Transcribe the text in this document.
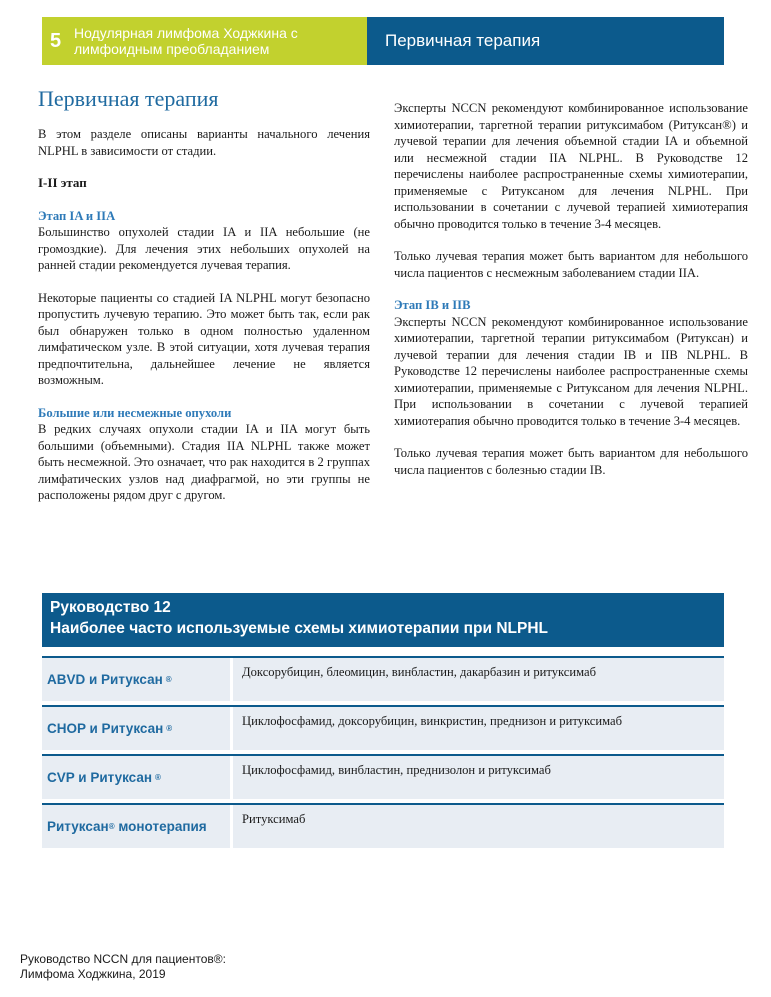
5 Нодулярная лимфома Ходжкина с
лимфоидным преобладанием	Первичная терапия
Первичная терапия

В этом разделе описаны варианты начального лечения NLPHL в зависимости от стадии.

I-II этап

Этап IA и IIA

Большинство опухолей стадии IA и IIA небольшие (не громоздкие). Для лечения этих небольших опухолей на ранней стадии рекомендуется лучевая терапия.

Некоторые пациенты со стадией IA NLPHL могут безопасно пропустить лучевую терапию. Это может быть так, если рак был обнаружен только в одном полностью удаленном лимфатическом узле. В этой ситуации, хотя лучевая терапия предпочтительна, дальнейшее лечение не является возможным.

Большие или несмежные опухоли

В редких случаях опухоли стадии IA и IIA могут быть большими (объемными). Стадия IIA NLPHL также может быть несмежной. Это означает, что рак находится в 2 группах лимфатических узлов над диафрагмой, но эти группы не расположены рядом друг с другом.

Эксперты NCCN рекомендуют комбинированное использование химиотерапии, таргетной терапии ритуксимабом (Ритуксан®) и лучевой терапии для лечения объемной стадии IA и объемной или несмежной стадии IIA NLPHL. В Руководстве 12 перечислены наиболее распространенные схемы химиотерапии, применяемые с Ритуксаном для лечения NLPHL. При использовании в сочетании с лучевой терапией химиотерапия обычно проводится только в течение 3-4 месяцев.

Только лучевая терапия может быть вариантом для небольшого числа пациентов с несмежным заболеванием стадии IIA.

Этап IB и IIB

Эксперты NCCN рекомендуют комбинированное использование химиотерапии, таргетной терапии ритуксимабом (Ритуксан) и лучевой терапии для лечения стадии IB и IIB NLPHL. В Руководстве 12 перечислены наиболее распространенные схемы химиотерапии, применяемые с Ритуксаном для лечения NLPHL. При использовании в сочетании с лучевой терапией химиотерапия обычно проводится только в течение 3-4 месяцев.

Только лучевая терапия может быть вариантом для небольшого числа пациентов с болезнью стадии IB.

Руководство 12
Наиболее часто используемые схемы химиотерапии при NLPHL
ABVD и Ритуксан ®
Доксорубицин, блеомицин, винбластин, дакарбазин и ритуксимаб
CHOP и Ритуксан ®
Циклофосфамид, доксорубицин, винкристин, преднизон и ритуксимаб
CVP и Ритуксан ®
Циклофосфамид, винбластин, преднизолон и ритуксимаб
Ритуксан ® монотерапия	Ритуксимаб
Руководство NCCN для пациентов®:
Лимфома Ходжкина, 2019
